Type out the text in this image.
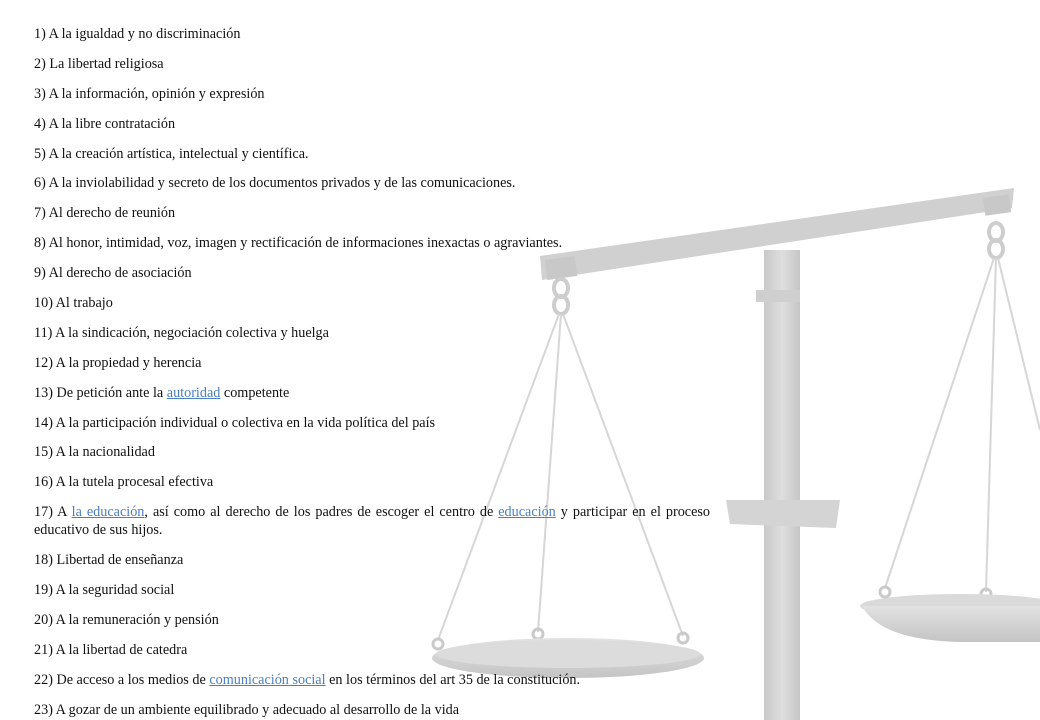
1) A la igualdad y no discriminación

2) La libertad religiosa

3) A la información, opinión y expresión

4) A la libre contratación

5) A la creación artística, intelectual y científica.

6) A la inviolabilidad y secreto de los documentos privados y de las comunicaciones.

7) Al derecho de reunión

8) Al honor, intimidad, voz, imagen y rectificación de informaciones inexactas o agraviantes.

9) Al derecho de asociación

10) Al trabajo

11) A la sindicación, negociación colectiva y huelga

12) A la propiedad y herencia

13) De petición ante la autoridad competente

14) A la participación individual o colectiva en la vida política del país

15) A la nacionalidad

16) A la tutela procesal efectiva

17) A la educación, así como al derecho de los padres de escoger el centro de educación y participar en el proceso educativo de sus hijos.

18) Libertad de enseñanza

19) A la seguridad social

20) A la remuneración y pensión

21) A la libertad de catedra

22) De acceso a los medios de comunicación social en los términos del art 35 de la constitución.

23) A gozar de un ambiente equilibrado y adecuado al desarrollo de la vida
